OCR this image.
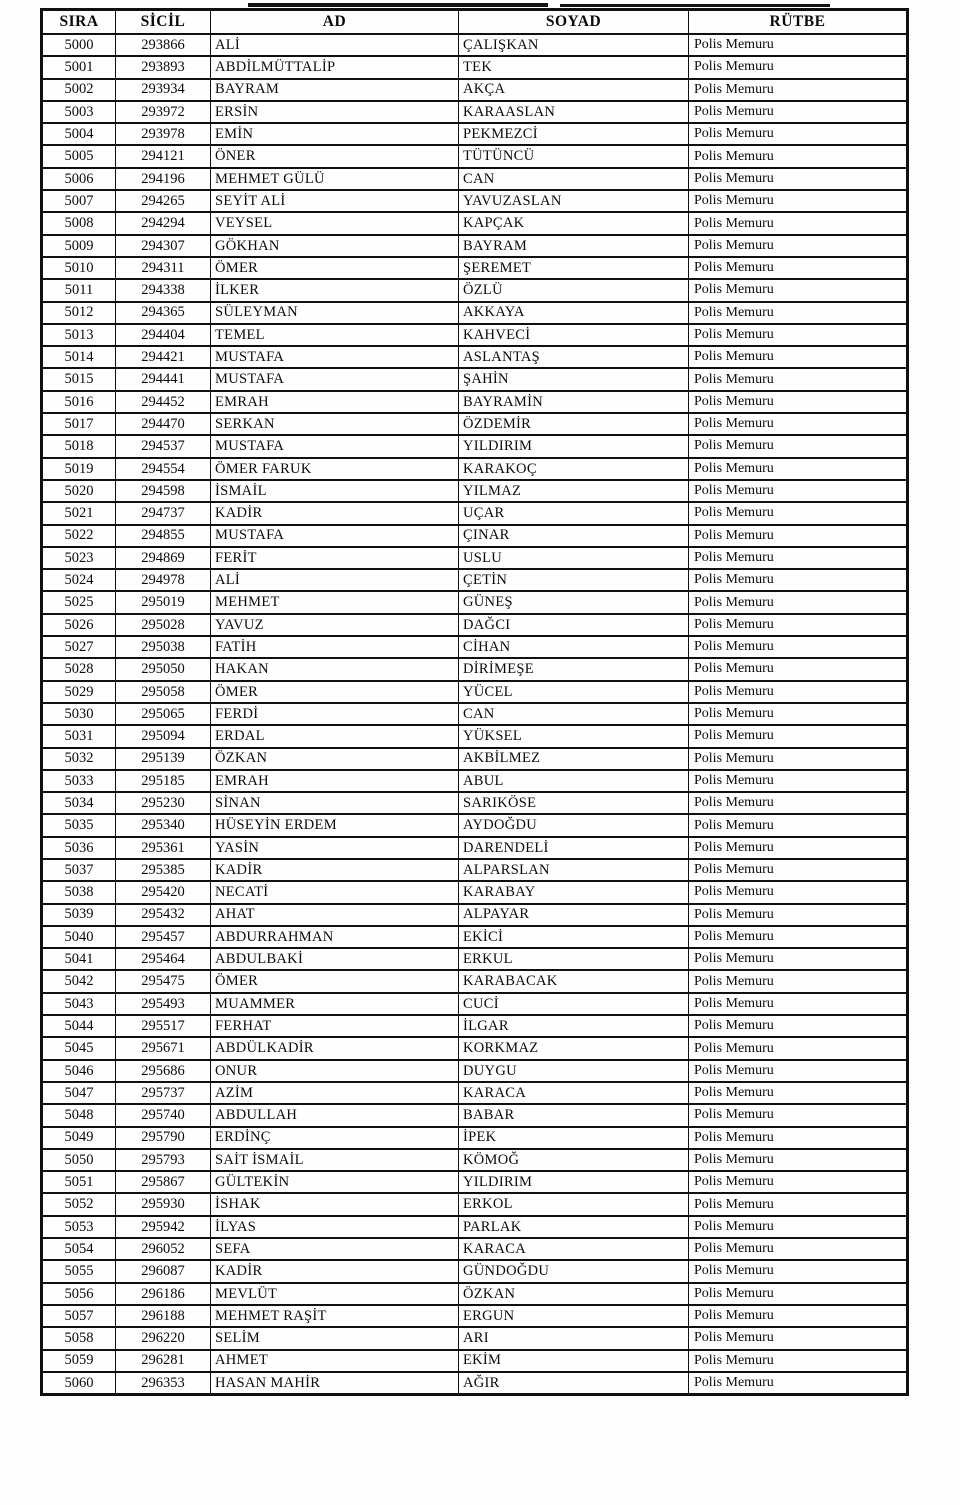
SIRA	SİCİL	AD	SOYAD	RÜTBE
5000	293866	ALİ	ÇALIŞKAN	Polis Memuru
5001	293893	ABDİLMÜTTALİP	TEK	Polis Memuru
5002	293934	BAYRAM	AKÇA	Polis Memuru
5003	293972	ERSİN	KARAASLAN	Polis Memuru
5004	293978	EMİN	PEKMEZCİ	Polis Memuru
5005	294121	ÖNER	TÜTÜNCÜ	Polis Memuru
5006	294196	MEHMET GÜLÜ	CAN	Polis Memuru
5007	294265	SEYİT ALİ	YAVUZASLAN	Polis Memuru
5008	294294	VEYSEL	KAPÇAK	Polis Memuru
5009	294307	GÖKHAN	BAYRAM	Polis Memuru
5010	294311	ÖMER	ŞEREMET	Polis Memuru
5011	294338	İLKER	ÖZLÜ	Polis Memuru
5012	294365	SÜLEYMAN	AKKAYA	Polis Memuru
5013	294404	TEMEL	KAHVECİ	Polis Memuru
5014	294421	MUSTAFA	ASLANTAŞ	Polis Memuru
5015	294441	MUSTAFA	ŞAHİN	Polis Memuru
5016	294452	EMRAH	BAYRAMİN	Polis Memuru
5017	294470	SERKAN	ÖZDEMİR	Polis Memuru
5018	294537	MUSTAFA	YILDIRIM	Polis Memuru
5019	294554	ÖMER FARUK	KARAKOÇ	Polis Memuru
5020	294598	İSMAİL	YILMAZ	Polis Memuru
5021	294737	KADİR	UÇAR	Polis Memuru
5022	294855	MUSTAFA	ÇINAR	Polis Memuru
5023	294869	FERİT	USLU	Polis Memuru
5024	294978	ALİ	ÇETİN	Polis Memuru
5025	295019	MEHMET	GÜNEŞ	Polis Memuru
5026	295028	YAVUZ	DAĞCI	Polis Memuru
5027	295038	FATİH	CİHAN	Polis Memuru
5028	295050	HAKAN	DİRİMEŞE	Polis Memuru
5029	295058	ÖMER	YÜCEL	Polis Memuru
5030	295065	FERDİ	CAN	Polis Memuru
5031	295094	ERDAL	YÜKSEL	Polis Memuru
5032	295139	ÖZKAN	AKBİLMEZ	Polis Memuru
5033	295185	EMRAH	ABUL	Polis Memuru
5034	295230	SİNAN	SARIKÖSE	Polis Memuru
5035	295340	HÜSEYİN ERDEM	AYDOĞDU	Polis Memuru
5036	295361	YASİN	DARENDELİ	Polis Memuru
5037	295385	KADİR	ALPARSLAN	Polis Memuru
5038	295420	NECATİ	KARABAY	Polis Memuru
5039	295432	AHAT	ALPAYAR	Polis Memuru
5040	295457	ABDURRAHMAN	EKİCİ	Polis Memuru
5041	295464	ABDULBAKİ	ERKUL	Polis Memuru
5042	295475	ÖMER	KARABACAK	Polis Memuru
5043	295493	MUAMMER	CUCİ	Polis Memuru
5044	295517	FERHAT	İLGAR	Polis Memuru
5045	295671	ABDÜLKADİR	KORKMAZ	Polis Memuru
5046	295686	ONUR	DUYGU	Polis Memuru
5047	295737	AZİM	KARACA	Polis Memuru
5048	295740	ABDULLAH	BABAR	Polis Memuru
5049	295790	ERDİNÇ	İPEK	Polis Memuru
5050	295793	SAİT İSMAİL	KÖMOĞ	Polis Memuru
5051	295867	GÜLTEKİN	YILDIRIM	Polis Memuru
5052	295930	İSHAK	ERKOL	Polis Memuru
5053	295942	İLYAS	PARLAK	Polis Memuru
5054	296052	SEFA	KARACA	Polis Memuru
5055	296087	KADİR	GÜNDOĞDU	Polis Memuru
5056	296186	MEVLÜT	ÖZKAN	Polis Memuru
5057	296188	MEHMET RAŞİT	ERGUN	Polis Memuru
5058	296220	SELİM	ARI	Polis Memuru
5059	296281	AHMET	EKİM	Polis Memuru
5060	296353	HASAN MAHİR	AĞIR	Polis Memuru
